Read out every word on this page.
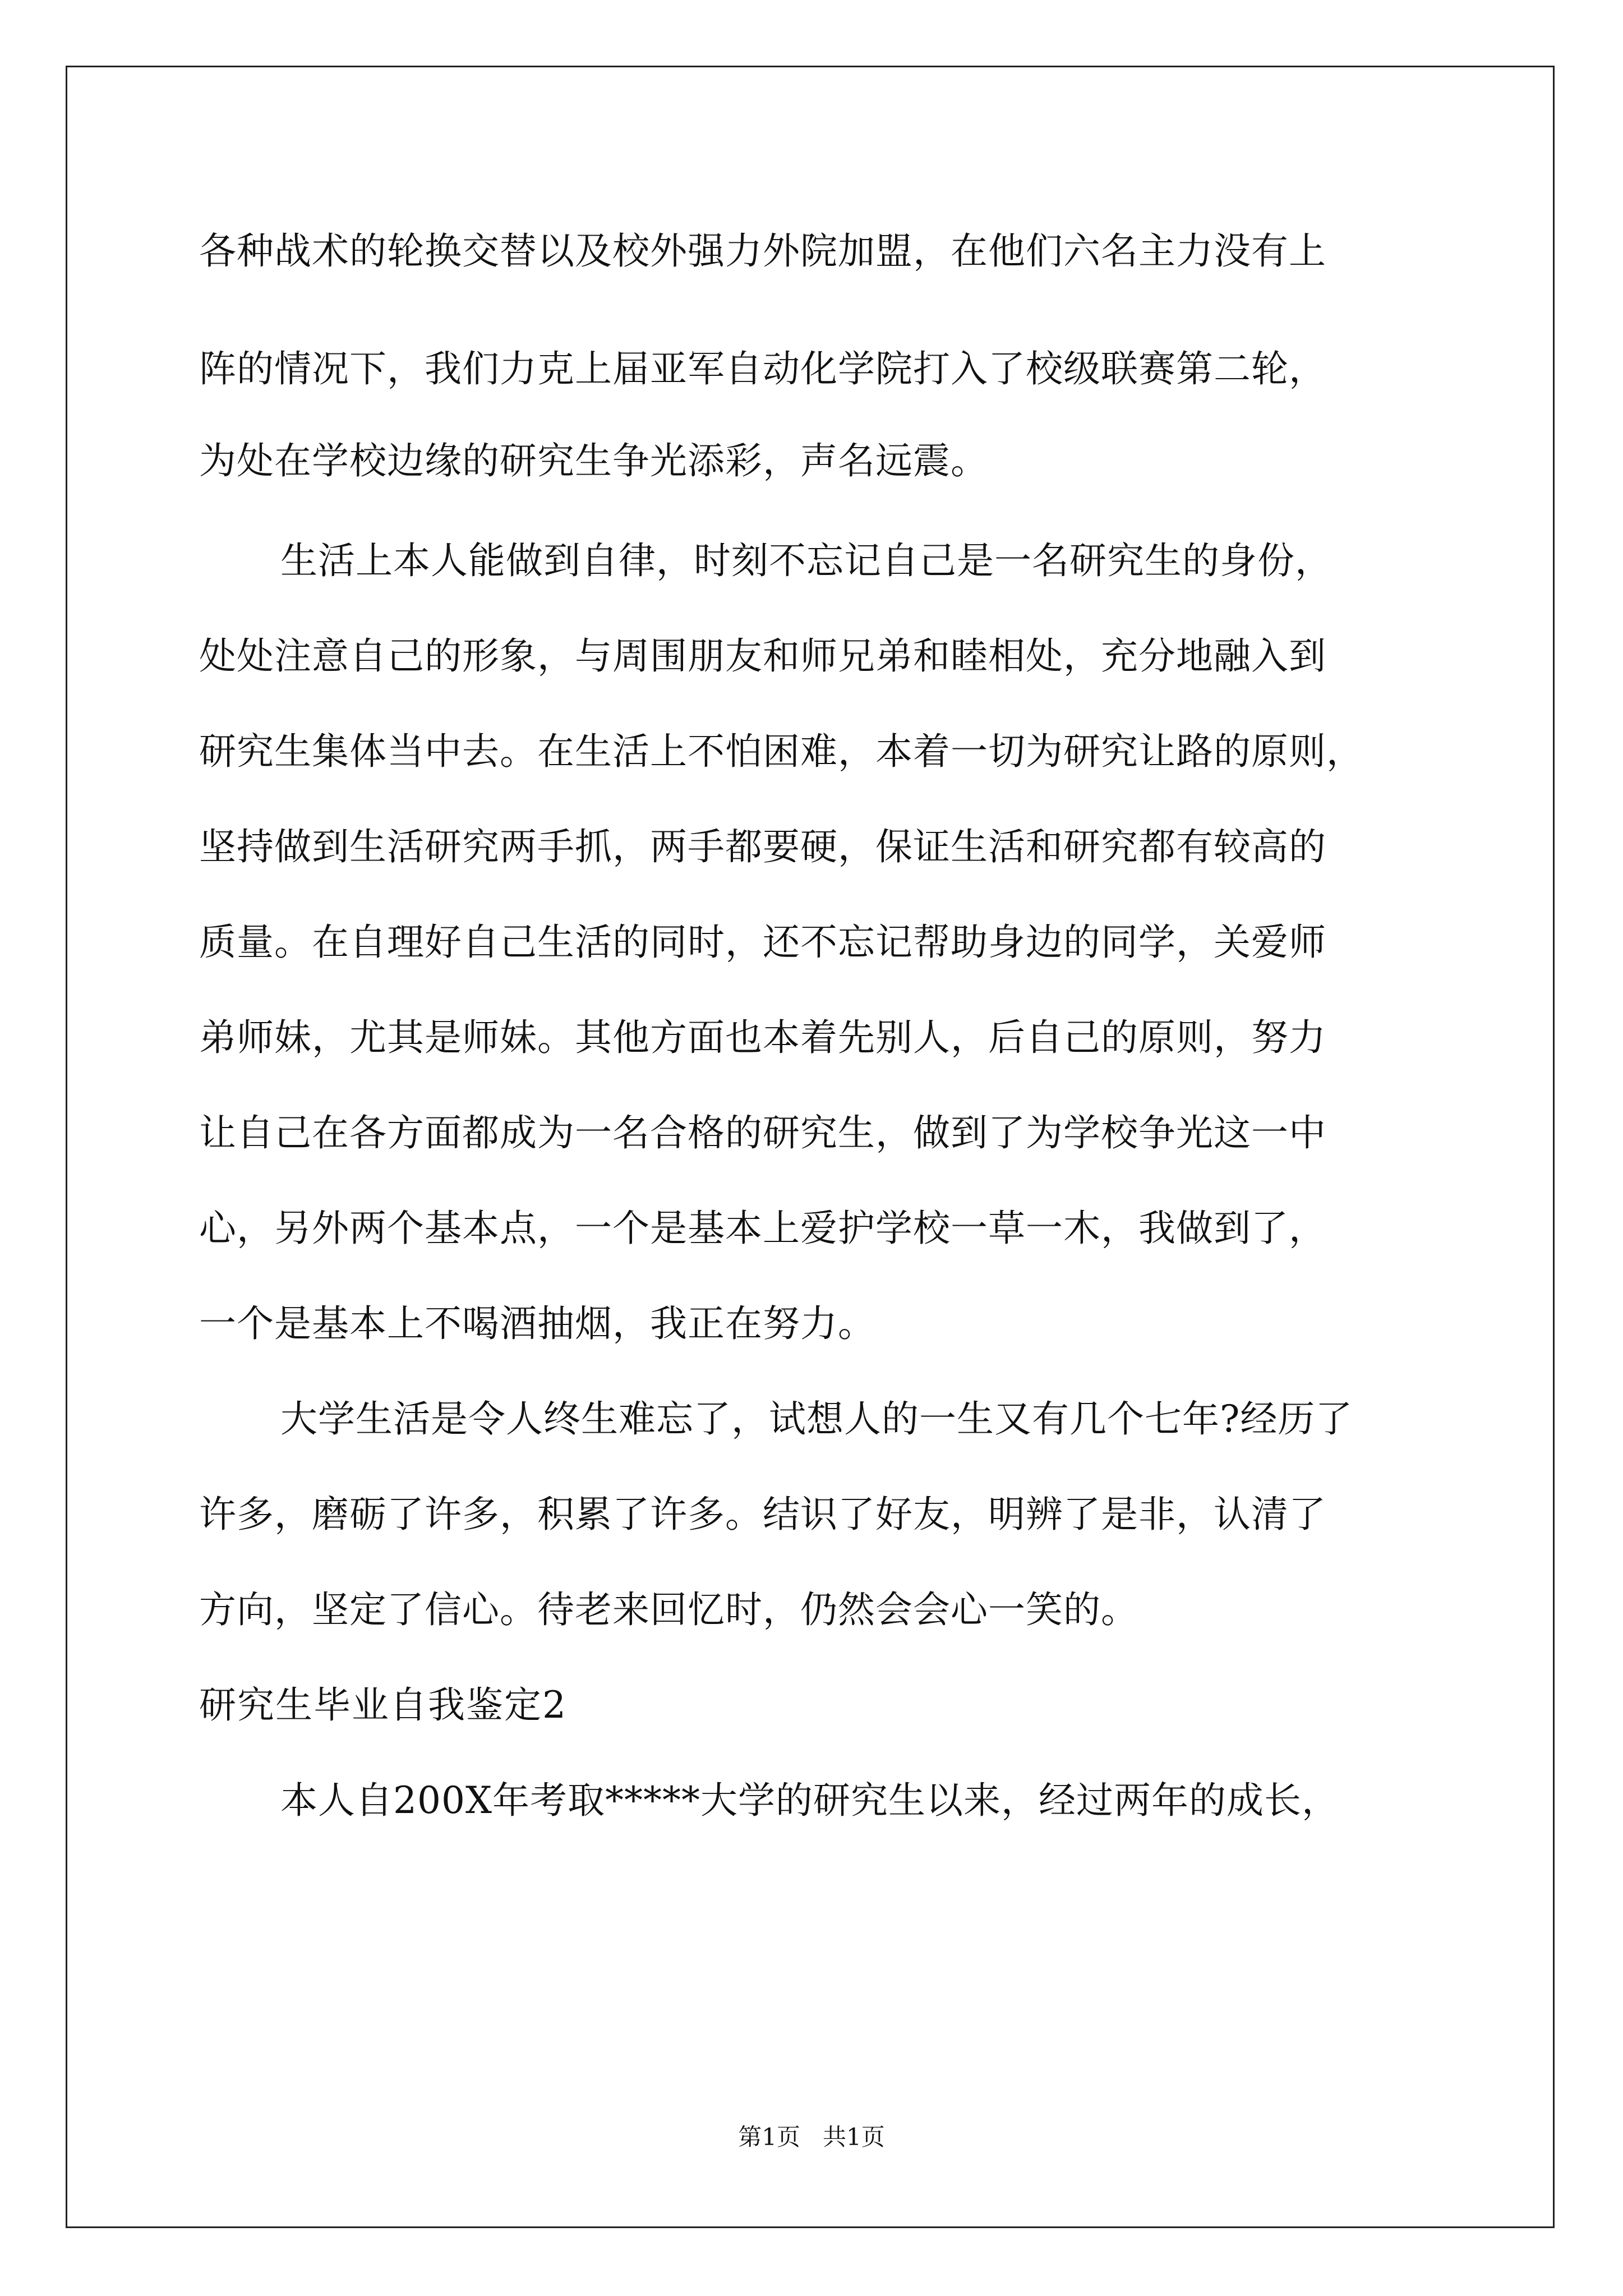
各种战术的轮换交替以及校外强力外院加盟，在他们六名主力没有上
阵的情况下，我们力克上届亚军自动化学院打入了校级联赛第二轮，
为处在学校边缘的研究生争光添彩，声名远震。
生活上本人能做到自律，时刻不忘记自己是一名研究生的身份，
处处注意自己的形象，与周围朋友和师兄弟和睦相处，充分地融入到
研究生集体当中去。在生活上不怕困难，本着一切为研究让路的原则，
坚持做到生活研究两手抓，两手都要硬，保证生活和研究都有较高的
质量。在自理好自己生活的同时，还不忘记帮助身边的同学，关爱师
弟师妹，尤其是师妹。其他方面也本着先别人，后自己的原则，努力
让自己在各方面都成为一名合格的研究生，做到了为学校争光这一中
心，另外两个基本点，一个是基本上爱护学校一草一木，我做到了，
一个是基本上不喝酒抽烟，我正在努力。
大学生活是令人终生难忘了，试想人的一生又有几个七年?经历了
许多，磨砺了许多，积累了许多。结识了好友，明辨了是非，认清了
方向，坚定了信心。待老来回忆时，仍然会会心一笑的。
研究生毕业自我鉴定2
本人自200X年考取*****大学的研究生以来，经过两年的成长，
第1页   共1页
